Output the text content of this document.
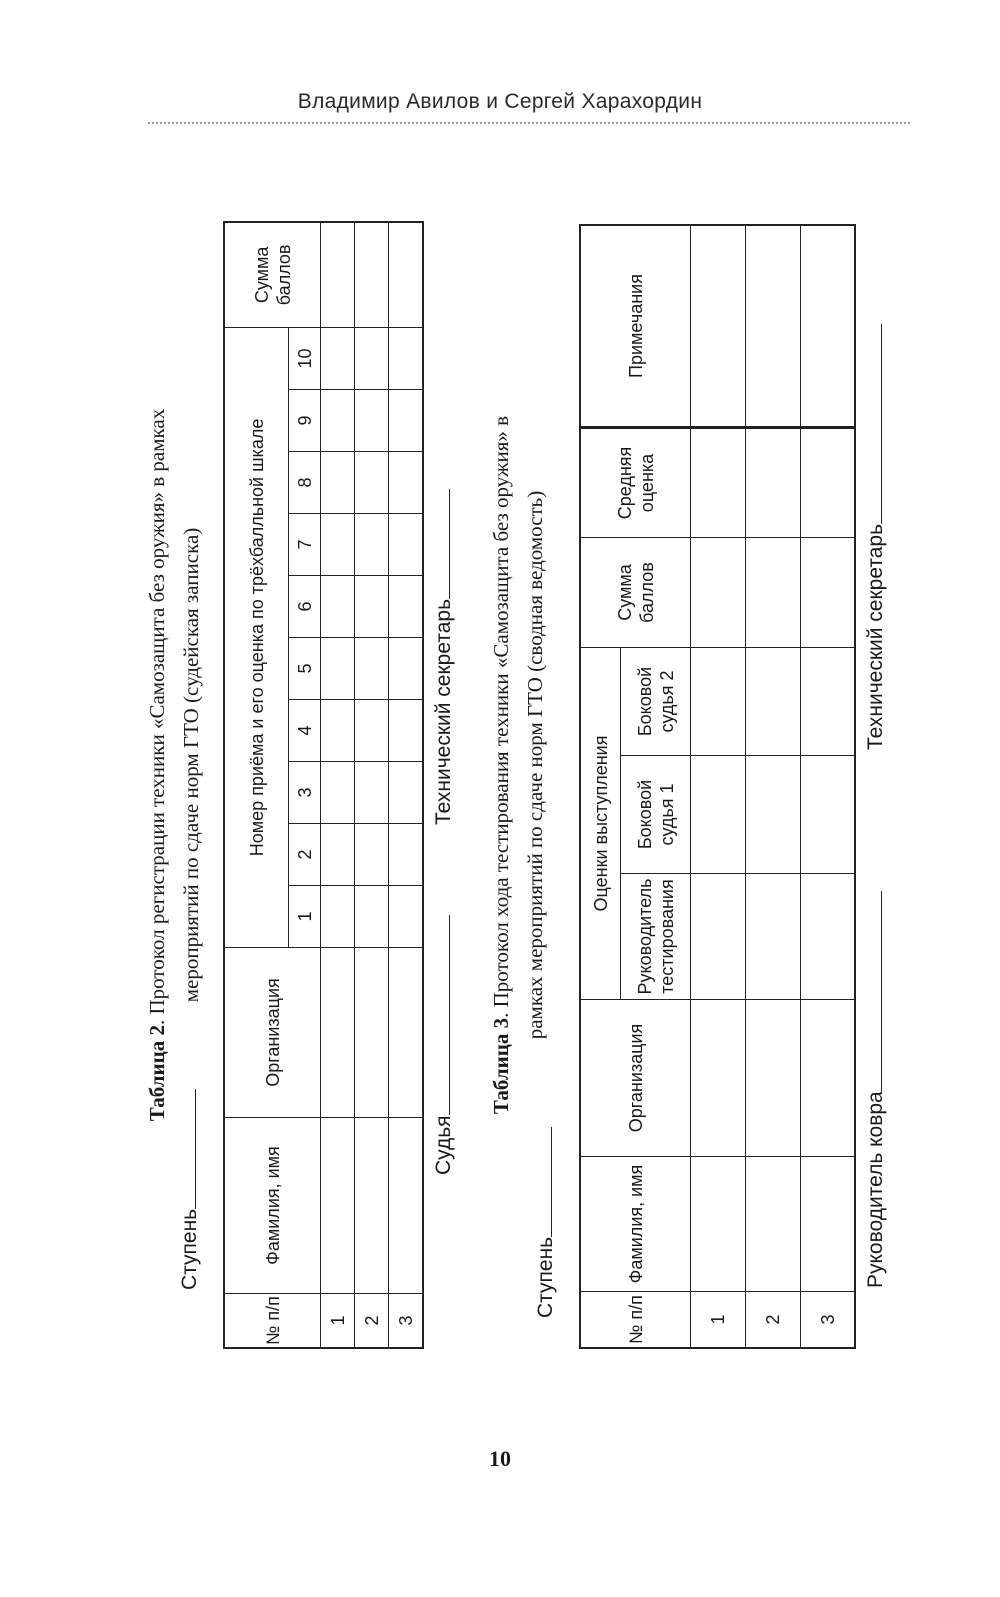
Владимир Авилов и Сергей Харахордин
Таблица 2. Протокол регистрации техники «Самозащита без оружия» в рамках мероприятий по сдаче норм ГТО (судейская записка)
Ступень
№ п/п	Фамилия, имя	Организация	Номер приёма и его оценка по трёхбалльной шкале										Сумма баллов
			1	2	3	4	5	6	7	8	9	10	
1													
2													
3													
Судья
Технический секретарь
Таблица 3. Протокол хода тестирования техники «Самозащита без оружия» в рамках мероприятий по сдаче норм ГТО (сводная ведомость)
Ступень
№ п/п	Фамилия, имя	Организация	Оценки выступления			Сумма баллов	Средняя оценка	Примечания
			Руководитель тестирования	Боковой судья 1	Боковой судья 2			
1								
2								
3								
Руководитель ковра
Технический секретарь
10
